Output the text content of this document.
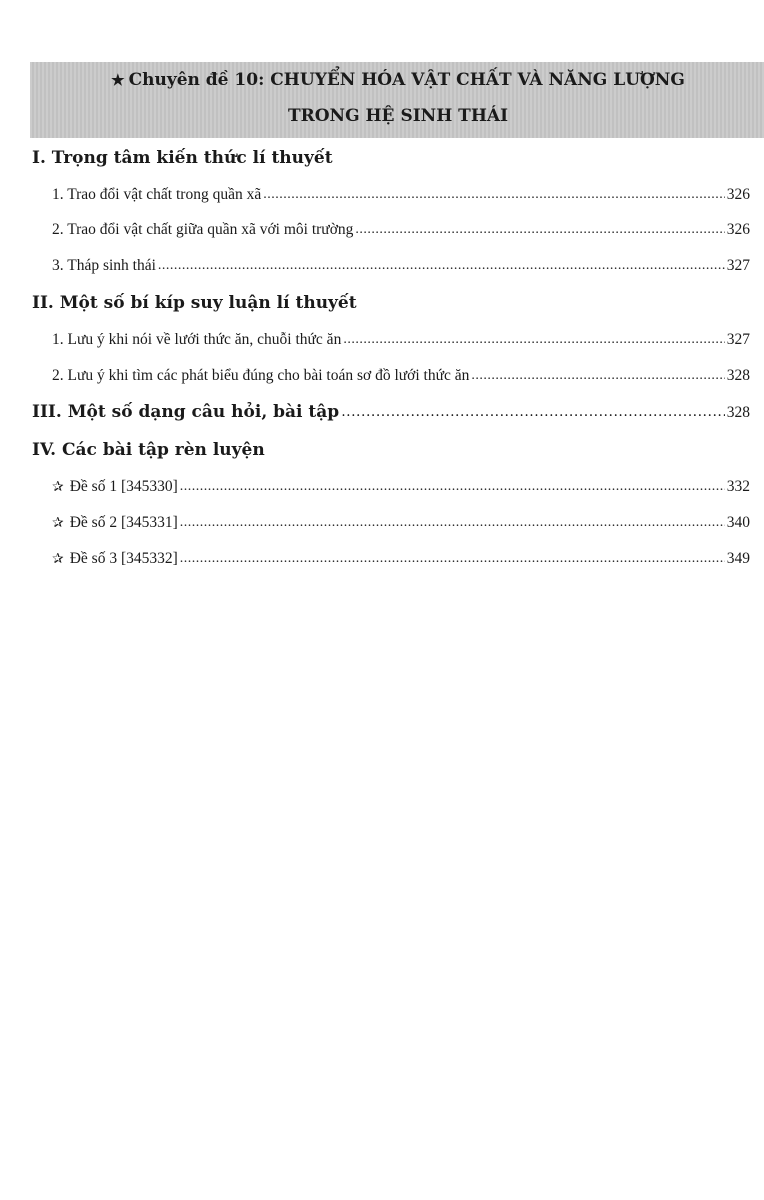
★ Chuyên đề 10: CHUYỂN HÓA VẬT CHẤT VÀ NĂNG LƯỢNG
TRONG HỆ SINH THÁI
I. Trọng tâm kiến thức lí thuyết
1. Trao đổi vật chất trong quần xã .....	326
2. Trao đổi vật chất giữa quần xã với môi trường .....	326
3. Tháp sinh thái .....	327
II. Một số bí kíp suy luận lí thuyết
1. Lưu ý khi nói về lưới thức ăn, chuỗi thức ăn .....	327
2. Lưu ý khi tìm các phát biểu đúng cho bài toán sơ đồ lưới thức ăn .....	328
III. Một số dạng câu hỏi, bài tập .....	328
IV. Các bài tập rèn luyện
✰ Đề số 1 [345330] .....	332
✰ Đề số 2 [345331] .....	340
✰ Đề số 3 [345332] .....	349
